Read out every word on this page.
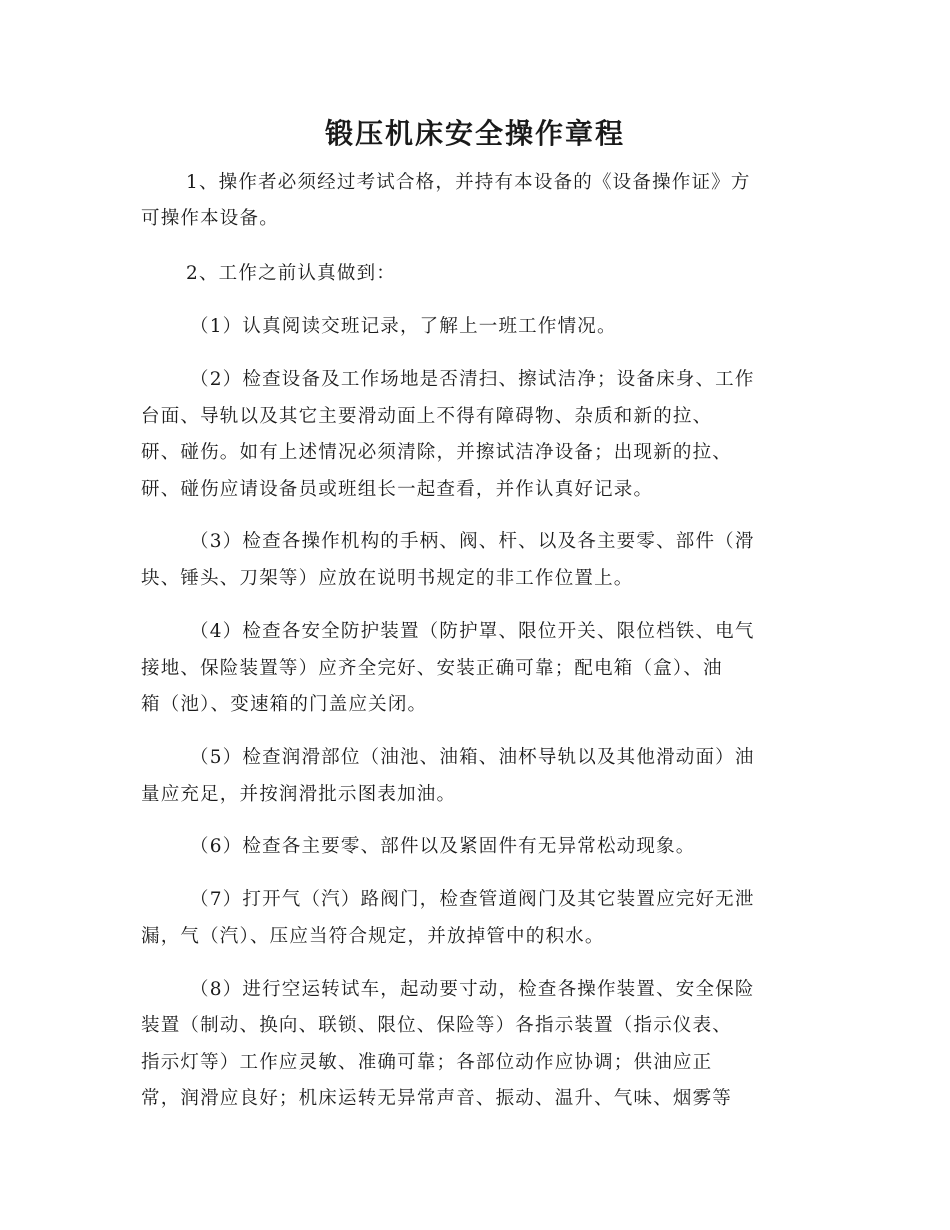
锻压机床安全操作章程
1、操作者必须经过考试合格，并持有本设备的《设备操作证》方
可操作本设备。
2、工作之前认真做到：
（1）认真阅读交班记录，了解上一班工作情况。
（2）检查设备及工作场地是否清扫、擦试洁净；设备床身、工作
台面、导轨以及其它主要滑动面上不得有障碍物、杂质和新的拉、
研、碰伤。如有上述情况必须清除，并擦试洁净设备；出现新的拉、
研、碰伤应请设备员或班组长一起查看，并作认真好记录。
（3）检查各操作机构的手柄、阀、杆、以及各主要零、部件（滑
块、锤头、刀架等）应放在说明书规定的非工作位置上。
（4）检查各安全防护装置（防护罩、限位开关、限位档铁、电气
接地、保险装置等）应齐全完好、安装正确可靠；配电箱（盒）、油
箱（池）、变速箱的门盖应关闭。
（5）检查润滑部位（油池、油箱、油杯导轨以及其他滑动面）油
量应充足，并按润滑批示图表加油。
（6）检查各主要零、部件以及紧固件有无异常松动现象。
（7）打开气（汽）路阀门，检查管道阀门及其它装置应完好无泄
漏，气（汽）、压应当符合规定，并放掉管中的积水。
（8）进行空运转试车，起动要寸动，检查各操作装置、安全保险
装置（制动、换向、联锁、限位、保险等）各指示装置（指示仪表、
指示灯等）工作应灵敏、准确可靠；各部位动作应协调；供油应正
常，润滑应良好；机床运转无异常声音、振动、温升、气味、烟雾等
